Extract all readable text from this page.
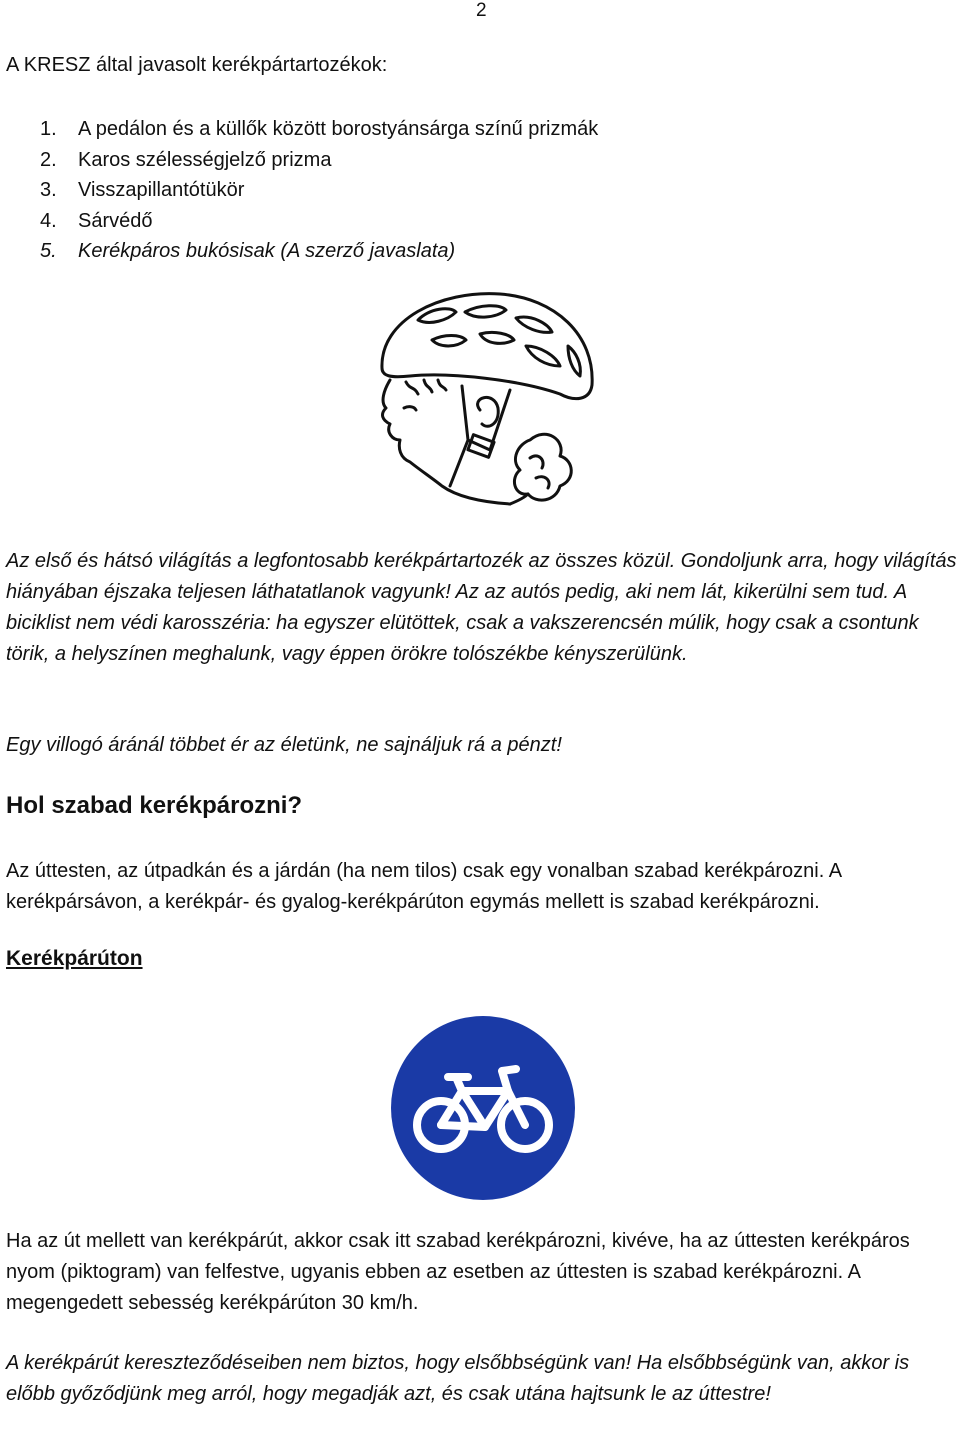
2
A KRESZ által javasolt kerékpártartozékok:
1.	A pedálon és a küllők között borostyánsárga színű prizmák
2.	Karos szélességjelző prizma
3.	Visszapillantótükör
4.	Sárvédő
5.	Kerékpáros bukósisak (A szerző javaslata)

Az első és hátsó világítás a legfontosabb kerékpártartozék az összes közül. Gondoljunk arra, hogy világítás hiányában éjszaka teljesen láthatatlanok vagyunk! Az az autós pedig, aki nem lát, kikerülni sem tud. A biciklist nem védi karosszéria: ha egyszer elütöttek, csak a vakszerencsén múlik, hogy csak a csontunk törik, a helyszínen meghalunk, vagy éppen örökre tolószékbe kényszerülünk.

Egy villogó áránál többet ér az életünk, ne sajnáljuk rá a pénzt!

Hol szabad kerékpározni?

Az úttesten, az útpadkán és a járdán (ha nem tilos) csak egy vonalban szabad kerékpározni. A kerékpársávon, a kerékpár- és gyalog-kerékpárúton egymás mellett is szabad kerékpározni.

Kerékpárúton

Ha az út mellett van kerékpárút, akkor csak itt szabad kerékpározni, kivéve, ha az úttesten kerékpáros nyom (piktogram) van felfestve, ugyanis ebben az esetben az úttesten is szabad kerékpározni. A megengedett sebesség kerékpárúton 30 km/h.

A kerékpárút kereszteződéseiben nem biztos, hogy elsőbbségünk van! Ha elsőbbségünk van, akkor is előbb győződjünk meg arról, hogy megadják azt, és csak utána hajtsunk le az úttestre!
